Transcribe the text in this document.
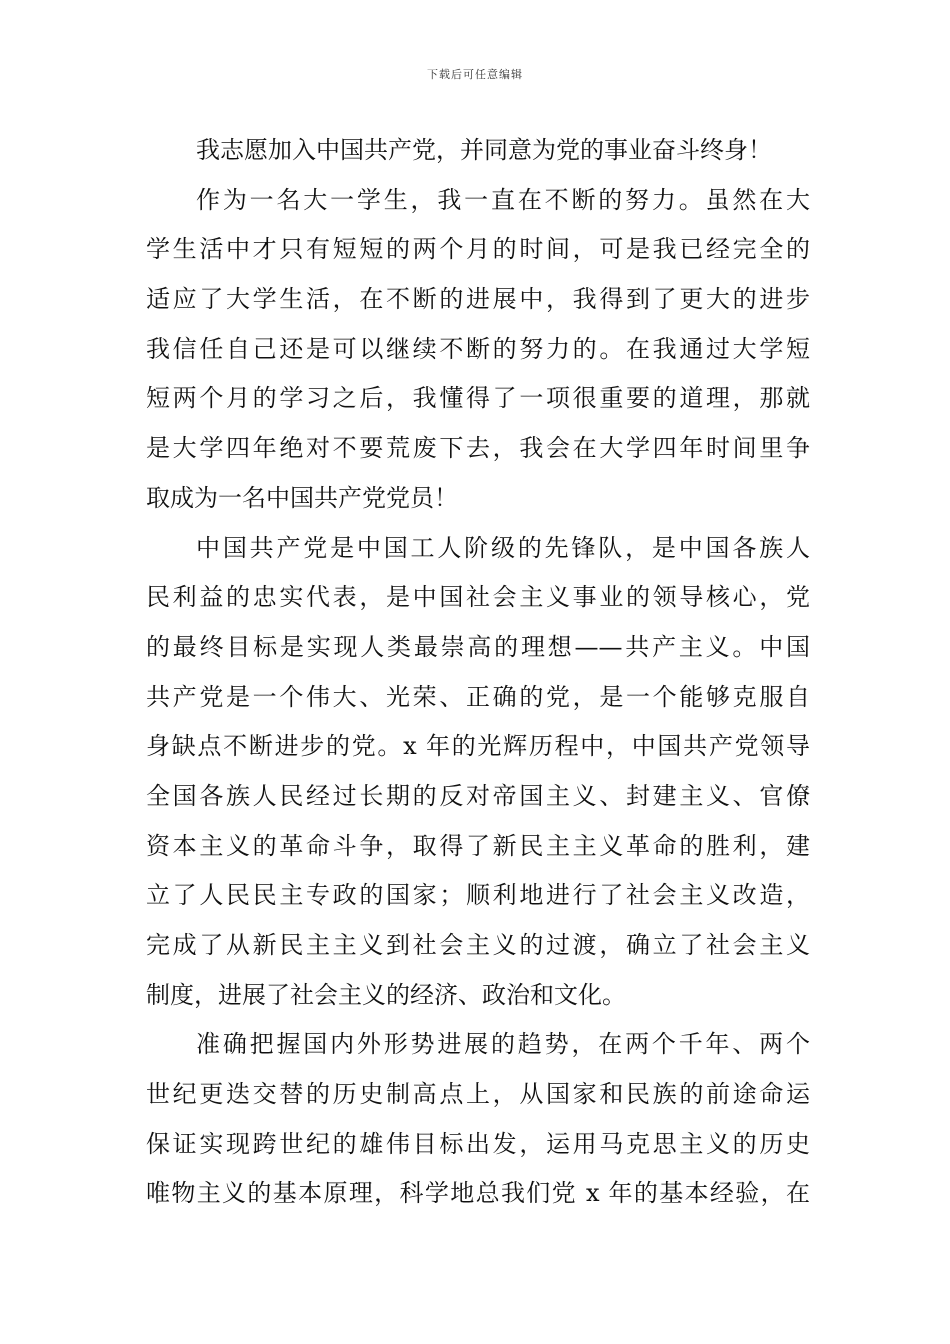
下载后可任意编辑
我志愿加入中国共产党，并同意为党的事业奋斗终身！
作为一名大一学生，我一直在不断的努力。虽然在大
学生活中才只有短短的两个月的时间，可是我已经完全的
适应了大学生活，在不断的进展中，我得到了更大的进步
我信任自己还是可以继续不断的努力的。在我通过大学短
短两个月的学习之后，我懂得了一项很重要的道理，那就
是大学四年绝对不要荒废下去，我会在大学四年时间里争
取成为一名中国共产党党员！
中国共产党是中国工人阶级的先锋队，是中国各族人
民利益的忠实代表，是中国社会主义事业的领导核心，党
的最终目标是实现人类最崇高的理想——共产主义。中国
共产党是一个伟大、光荣、正确的党，是一个能够克服自
身缺点不断进步的党。x 年的光辉历程中，中国共产党领导
全国各族人民经过长期的反对帝国主义、封建主义、官僚
资本主义的革命斗争，取得了新民主主义革命的胜利，建
立了人民民主专政的国家；顺利地进行了社会主义改造，
完成了从新民主主义到社会主义的过渡，确立了社会主义
制度，进展了社会主义的经济、政治和文化。
准确把握国内外形势进展的趋势，在两个千年、两个
世纪更迭交替的历史制高点上，从国家和民族的前途命运
保证实现跨世纪的雄伟目标出发，运用马克思主义的历史
唯物主义的基本原理，科学地总我们党 x 年的基本经验，在
